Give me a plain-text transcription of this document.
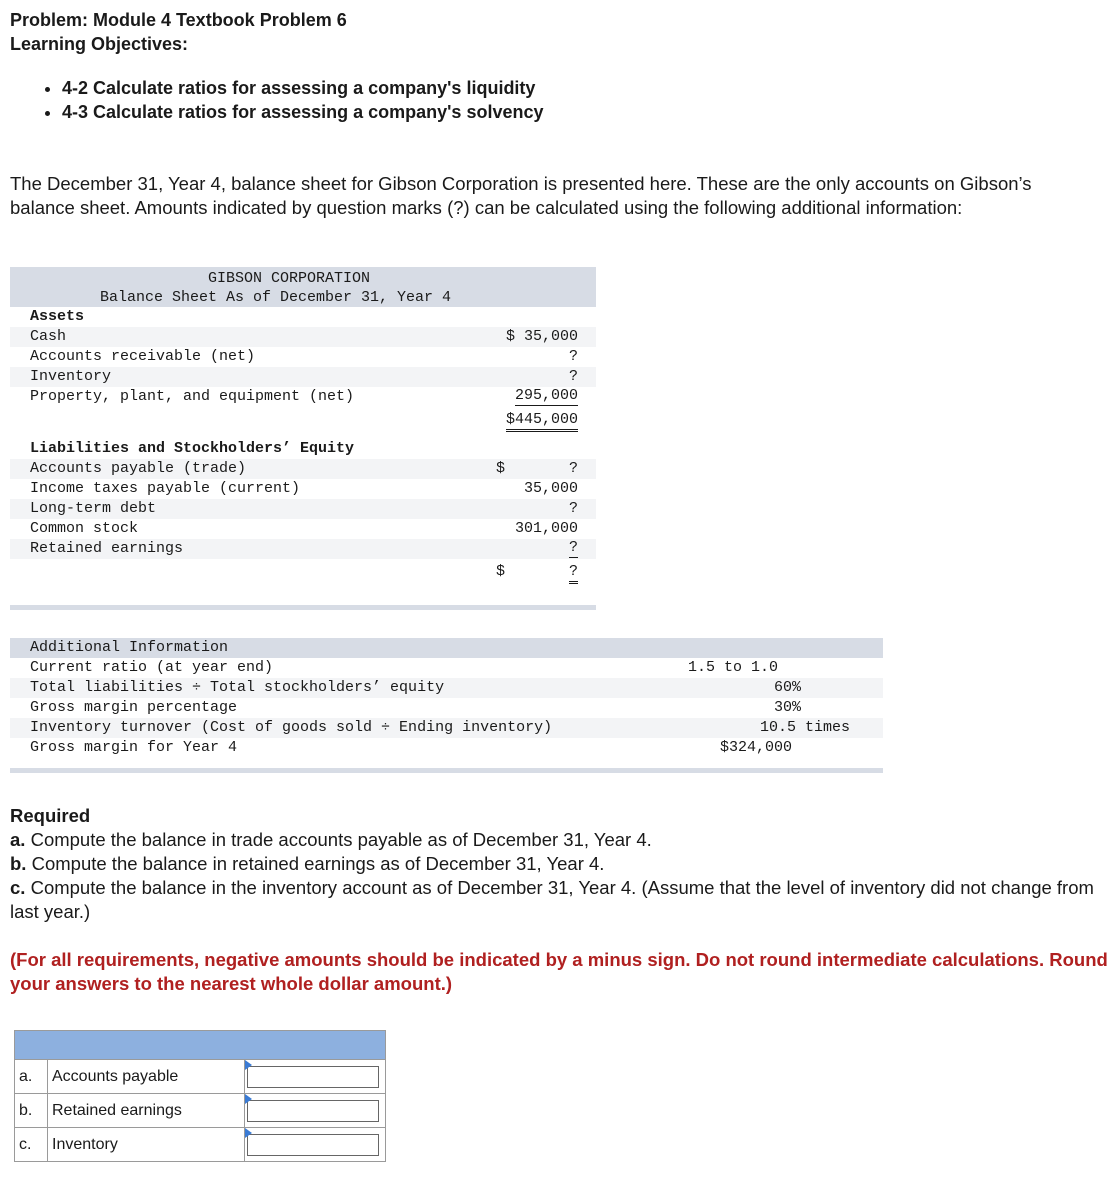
Problem: Module 4 Textbook Problem 6
Learning Objectives:
• 4-2 Calculate ratios for assessing a company's liquidity
• 4-3 Calculate ratios for assessing a company's solvency
The December 31, Year 4, balance sheet for Gibson Corporation is presented here. These are the only accounts on Gibson’s balance sheet. Amounts indicated by question marks (?) can be calculated using the following additional information:
GIBSON CORPORATION
Balance Sheet As of December 31, Year 4
Assets
Cash	$ 35,000
Accounts receivable (net)	?
Inventory	?
Property, plant, and equipment (net)	295,000
$445,000
Liabilities and Stockholders’ Equity
Accounts payable (trade)	$	?
Income taxes payable (current)	35,000
Long-term debt	?
Common stock	301,000
Retained earnings	?
$	?
Additional Information
Current ratio (at year end)	1.5 to 1.0
Total liabilities ÷ Total stockholders’ equity	60%
Gross margin percentage	30%
Inventory turnover (Cost of goods sold ÷ Ending inventory)	10.5 times
Gross margin for Year 4	$324,000
Required
a. Compute the balance in trade accounts payable as of December 31, Year 4.
b. Compute the balance in retained earnings as of December 31, Year 4.
c. Compute the balance in the inventory account as of December 31, Year 4. (Assume that the level of inventory did not change from last year.)
(For all requirements, negative amounts should be indicated by a minus sign. Do not round intermediate calculations. Round your answers to the nearest whole dollar amount.)

a.	Accounts payable	

b.	Retained earnings	

c.	Inventory	
